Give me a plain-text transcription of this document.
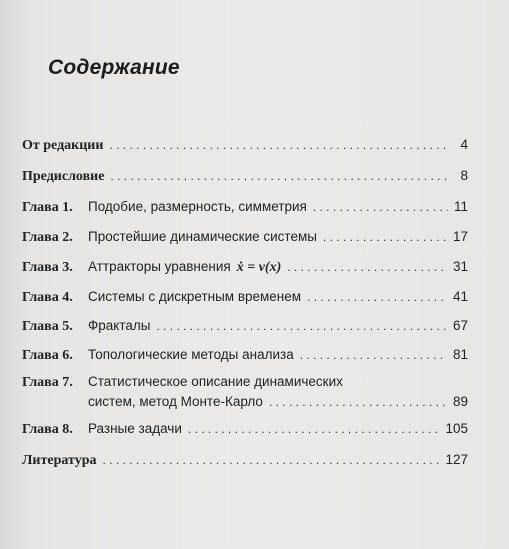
Содержание
От редакции . . .	4
Предисловие . . .	8
Глава 1.	Подобие, размерность, симметрия . . .	11
Глава 2.	Простейшие динамические системы . . .	17
Глава 3.	Аттракторы уравнения ẋ = v(x) . . .	31
Глава 4.	Системы с дискретным временем . . .	41
Глава 5.	Фракталы . . .	67
Глава 6.	Топологические методы анализа . . .	81
Глава 7.	Статистическое описание динамических
систем, метод Монте-Карло . . .	89
Глава 8.	Разные задачи . . .	105
Литература . . .	127
